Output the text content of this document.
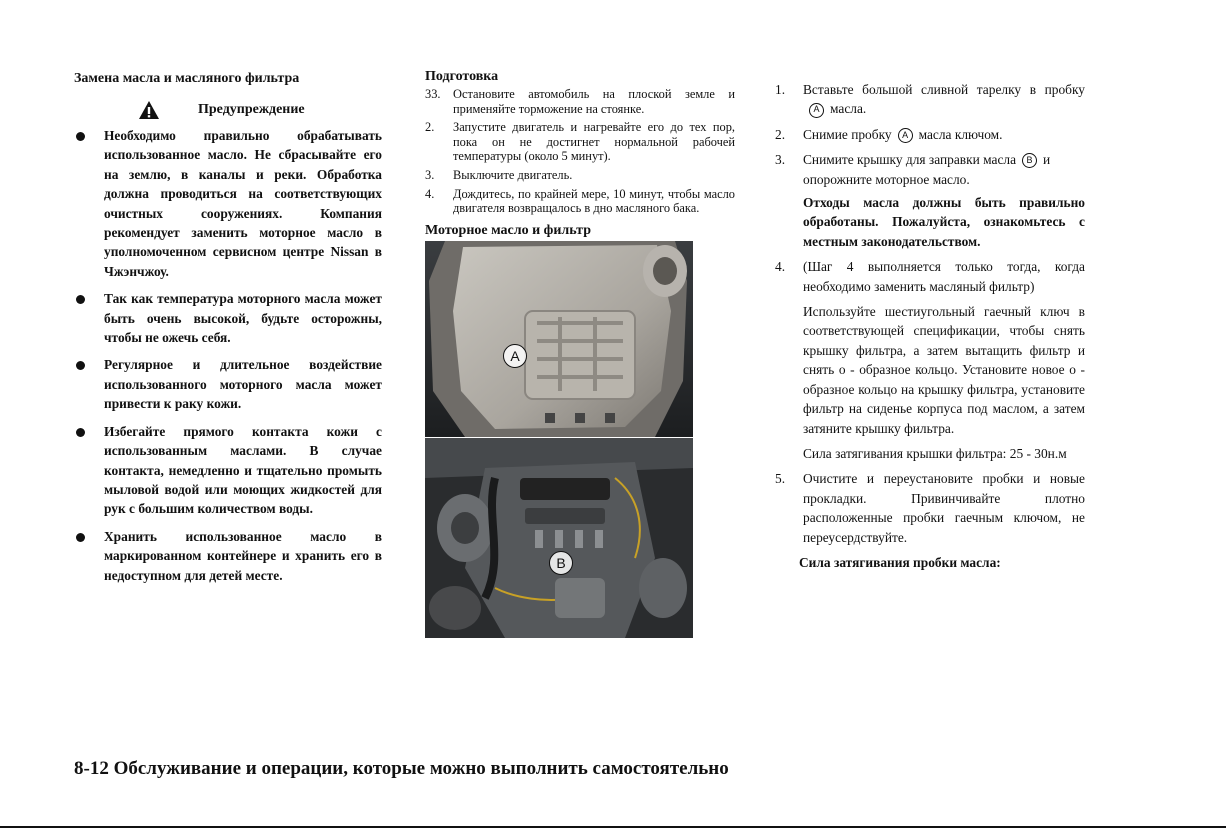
Замена масла и масляного фильтра
Предупреждение
Необходимо правильно обрабатывать использованное масло. Не сбрасывайте его на землю, в каналы и реки. Обработка должна проводиться на соответствующих очистных сооружениях. Компания рекомендует заменить моторное масло в уполномоченном сервисном центре Nissan в Чжэнчжоу.
Так как температура моторного масла может быть очень высокой, будьте осторожны, чтобы не ожечь себя.
Регулярное и длительное воздействие использованного моторного масла может привести к раку кожи.
Избегайте прямого контакта кожи с использованным маслами. В случае контакта, немедленно и тщательно промыть мыловой водой или моющих жидкостей для рук с большим количеством воды.
Хранить использованное масло в маркированном контейнере и хранить его в недоступном для детей месте.
Подготовка
33.	Остановите автомобиль на плоской земле и применяйте торможение на стоянке.
2.	Запустите двигатель и нагревайте его до тех пор, пока он не достигнет нормальной рабочей температуры (около 5 минут).
3.	Выключите двигатель.
4.	Дождитесь, по крайней мере, 10 минут, чтобы масло двигателя возвращалось в дно масляного бака.
Моторное масло и фильтр
A
B
1.	Вставьте большой сливной тарелку в пробкуA масла.
2.	Снимие пробку A масла ключом.
3.	Снимите крышку для заправки масла B и опорожните моторное масло.
Отходы масла должны быть правильно обработаны. Пожалуйста, ознакомьтесь с местным законодательством.
4.	(Шаг 4 выполняется только тогда, когда необходимо заменить масляный фильтр)
Используйте шестиугольный гаечный ключ в соответствующей спецификации, чтобы снять крышку фильтра, а затем вытащить фильтр и снять о - образное кольцо. Установите новое о - образное кольцо на крышку фильтра, установите фильтр на сиденье корпуса под маслом, а затем затяните крышку фильтра.
Сила затягивания крышки фильтра: 25 - 30н.м
5.	Очистите и переустановите пробки и новые прокладки. Привинчивайте плотно расположенные пробки гаечным ключом, не переусердствуйте.
Сила затягивания пробки масла:
8-12 Обслуживание и операции, которые можно выполнить самостоятельно
